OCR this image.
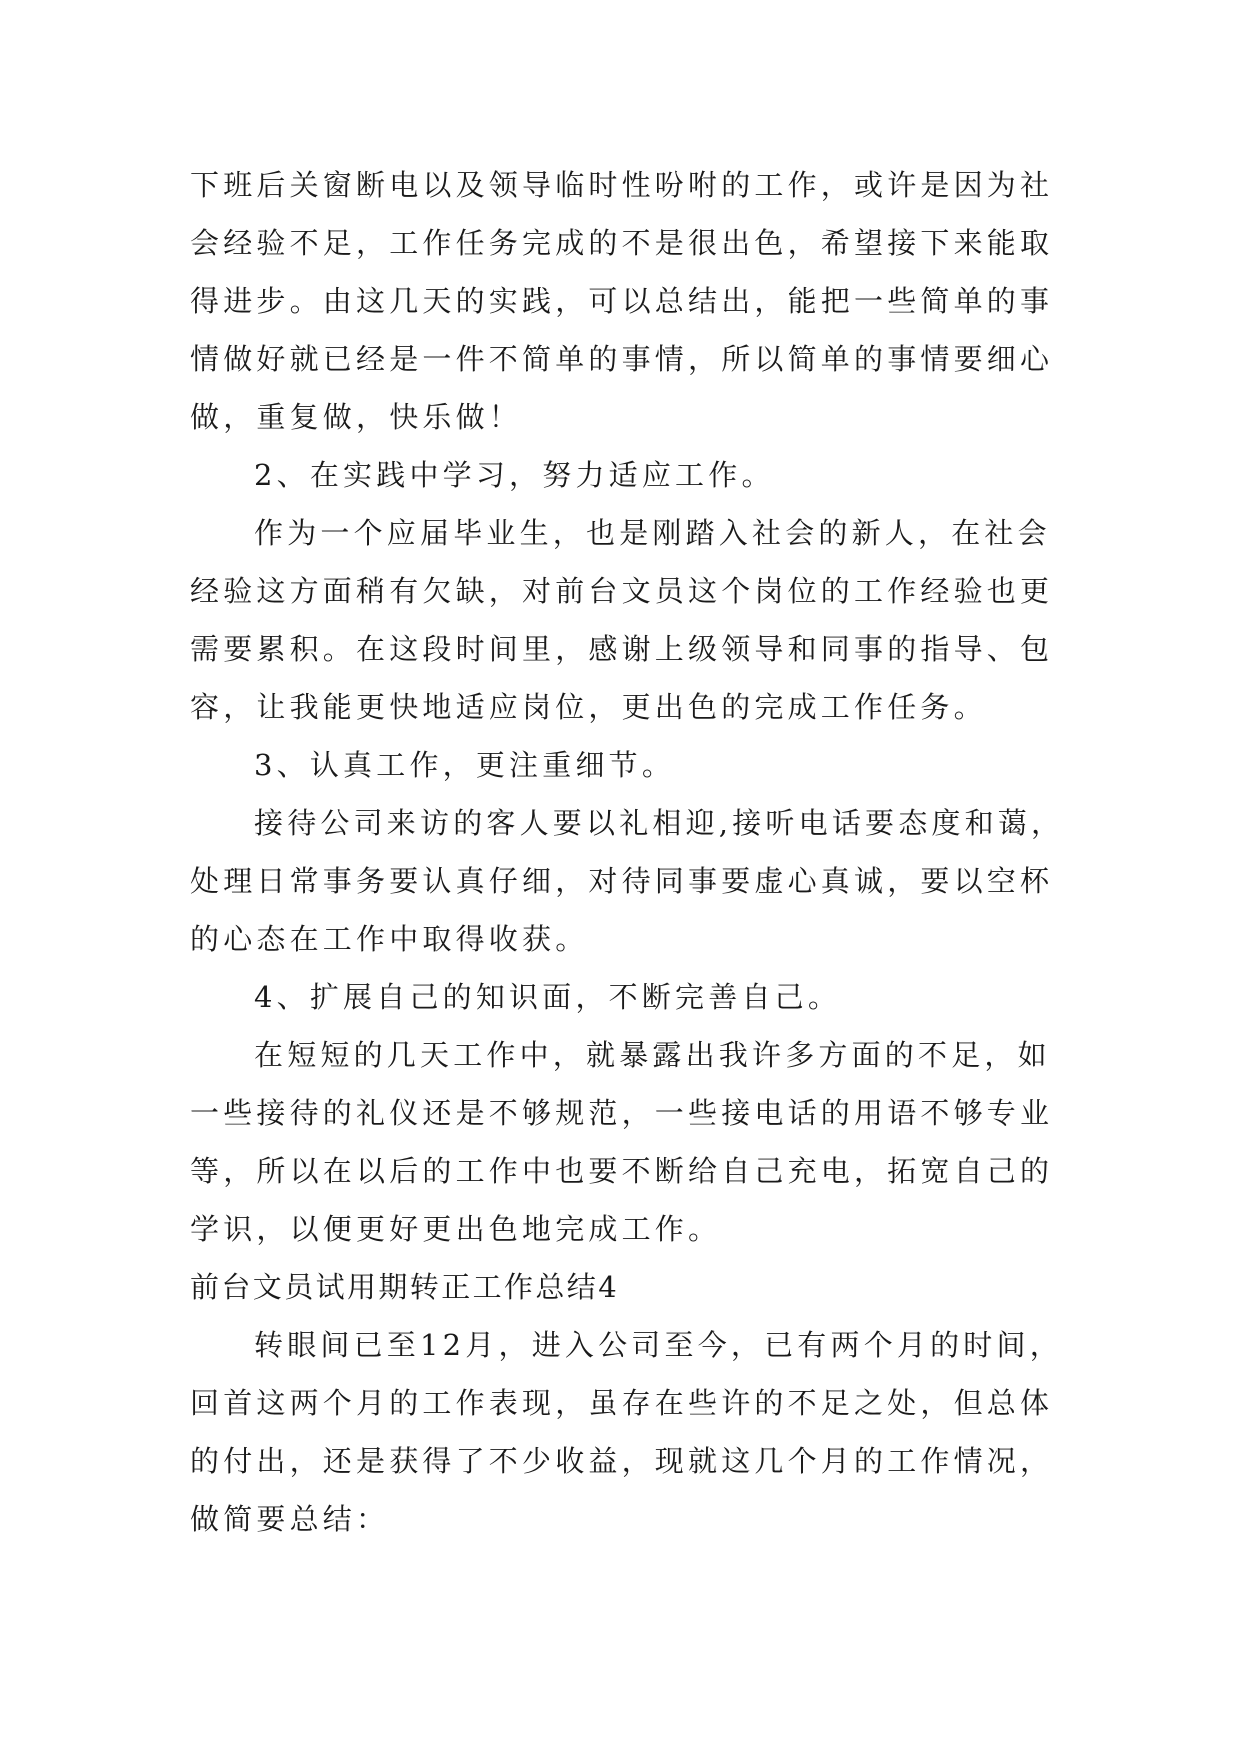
下班后关窗断电以及领导临时性吩咐的工作，或许是因为社
会经验不足，工作任务完成的不是很出色，希望接下来能取
得进步。由这几天的实践，可以总结出，能把一些简单的事
情做好就已经是一件不简单的事情，所以简单的事情要细心
做，重复做，快乐做！
2、在实践中学习，努力适应工作。
作为一个应届毕业生，也是刚踏入社会的新人，在社会
经验这方面稍有欠缺，对前台文员这个岗位的工作经验也更
需要累积。在这段时间里，感谢上级领导和同事的指导、包
容，让我能更快地适应岗位，更出色的完成工作任务。
3、认真工作，更注重细节。
接待公司来访的客人要以礼相迎,接听电话要态度和蔼，
处理日常事务要认真仔细，对待同事要虚心真诚，要以空杯
的心态在工作中取得收获。
4、扩展自己的知识面，不断完善自己。
在短短的几天工作中，就暴露出我许多方面的不足，如
一些接待的礼仪还是不够规范，一些接电话的用语不够专业
等，所以在以后的工作中也要不断给自己充电，拓宽自己的
学识，以便更好更出色地完成工作。
前台文员试用期转正工作总结4
转眼间已至12月，进入公司至今，已有两个月的时间，
回首这两个月的工作表现，虽存在些许的不足之处，但总体
的付出，还是获得了不少收益，现就这几个月的工作情况，
做简要总结：
